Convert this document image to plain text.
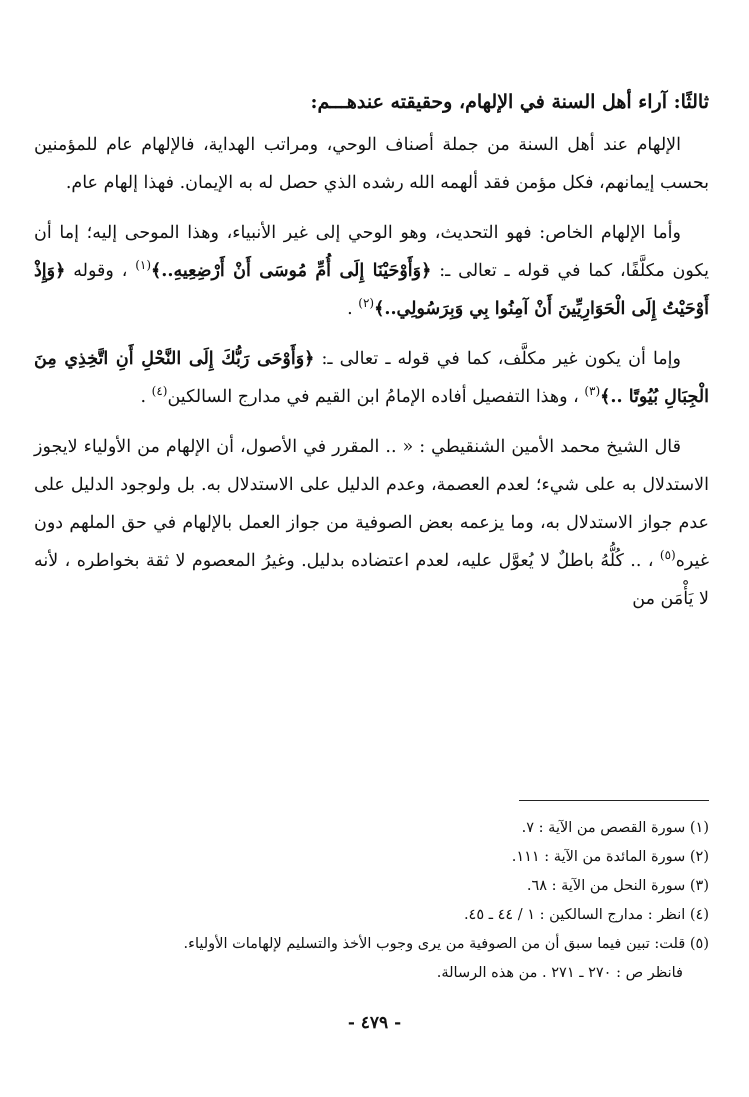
ثالثًا: آراء أهل السنة في الإلهام، وحقيقته عندهـــم:

الإلهام عند أهل السنة من جملة أصناف الوحي، ومراتب الهداية، فالإلهام عام للمؤمنين بحسب إيمانهم، فكل مؤمن فقد ألهمه الله رشده الذي حصل له به الإيمان. فهذا إلهام عام.

وأما الإلهام الخاص: فهو التحديث، وهو الوحي إلى غير الأنبياء، وهذا الموحى إليه؛ إما أن يكون مكلَّفًا، كما في قوله ـ تعالى ـ: ﴿وَأَوْحَيْنَا إِلَى أُمِّ مُوسَى أَنْ أَرْضِعِيهِ..﴾$^{(١)}$ ، وقوله ﴿وَإِذْ أَوْحَيْتُ إِلَى الْحَوَارِيِّينَ أَنْ آمِنُوا بِي وَبِرَسُولِي..﴾$^{(٢)}$ .

وإما أن يكون غير مكلَّف، كما في قوله ـ تعالى ـ: ﴿وَأَوْحَى رَبُّكَ إِلَى النَّحْلِ أَنِ اتَّخِذِي مِنَ الْجِبَالِ بُيُوتًا ..﴾$^{(٣)}$ ، وهذا التفصيل أفاده الإمامُ ابن القيم في مدارج السالكين$^{(٤)}$ .

قال الشيخ محمد الأمين الشنقيطي : « .. المقرر في الأصول، أن الإلهام من الأولياء لايجوز الاستدلال به على شيء؛ لعدم العصمة، وعدم الدليل على الاستدلال به. بل ولوجود الدليل على عدم جواز الاستدلال به، وما يزعمه بعض الصوفية من جواز العمل بالإلهام في حق الملهم دون غيره$^{(٥)}$ ، .. كُلُّهُ باطلٌ لا يُعوَّل عليه، لعدم اعتضاده بدليل. وغيرُ المعصوم لا ثقة بخواطره ، لأنه لا يَأْمَن من

(١) سورة القصص من الآية : ٧.

(٢) سورة المائدة من الآية : ١١١.

(٣) سورة النحل من الآية : ٦٨.

(٤) انظر : مدارج السالكين : ١ / ٤٤ ـ ٤٥.

(٥) قلت: تبين فيما سبق أن من الصوفية من يرى وجوب الأخذ والتسليم لإلهامات الأولياء.

فانظر ص : ٢٧٠ ـ ٢٧١ . من هذه الرسالة.

- ٤٧٩ -
